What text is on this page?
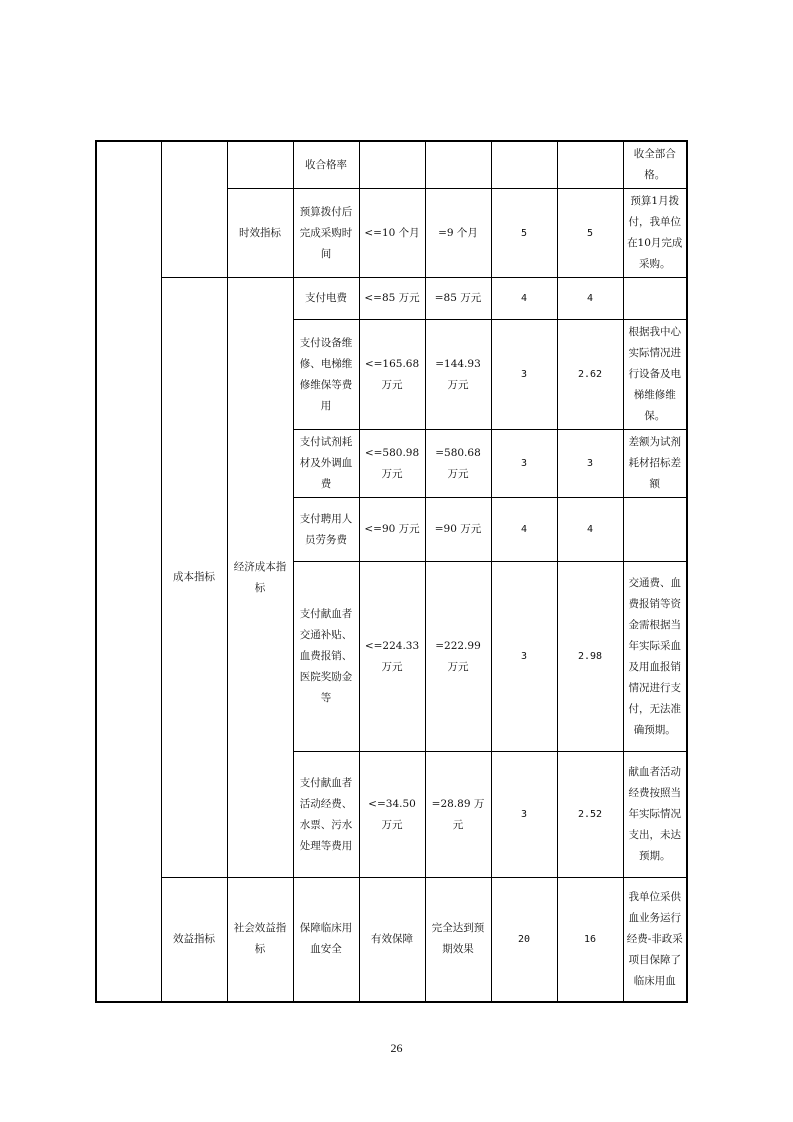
			收合格率					收全部合格。
		时效指标	预算拨付后完成采购时间	<=10 个月	=9 个月	5	5	预算1月拨付，我单位在10月完成采购。
	成本指标	经济成本指标	支付电费	<=85 万元	=85 万元	4	4	
			支付设备维修、电梯维修维保等费用	<=165.68 万元	=144.93 万元	3	2.62	根据我中心实际情况进行设备及电梯维修维保。
			支付试剂耗材及外调血费	<=580.98 万元	=580.68 万元	3	3	差额为试剂耗材招标差额
			支付聘用人员劳务费	<=90 万元	=90 万元	4	4	
			支付献血者交通补贴、血费报销、医院奖励金等	<=224.33 万元	=222.99 万元	3	2.98	交通费、血费报销等资金需根据当年实际采血及用血报销情况进行支付，无法准确预期。
			支付献血者活动经费、水票、污水处理等费用	<=34.50 万元	=28.89 万元	3	2.52	献血者活动经费按照当年实际情况支出，未达预期。
	效益指标	社会效益指标	保障临床用血安全	有效保障	完全达到预期效果	20	16	我单位采供血业务运行经费-非政采项目保障了临床用血
26
